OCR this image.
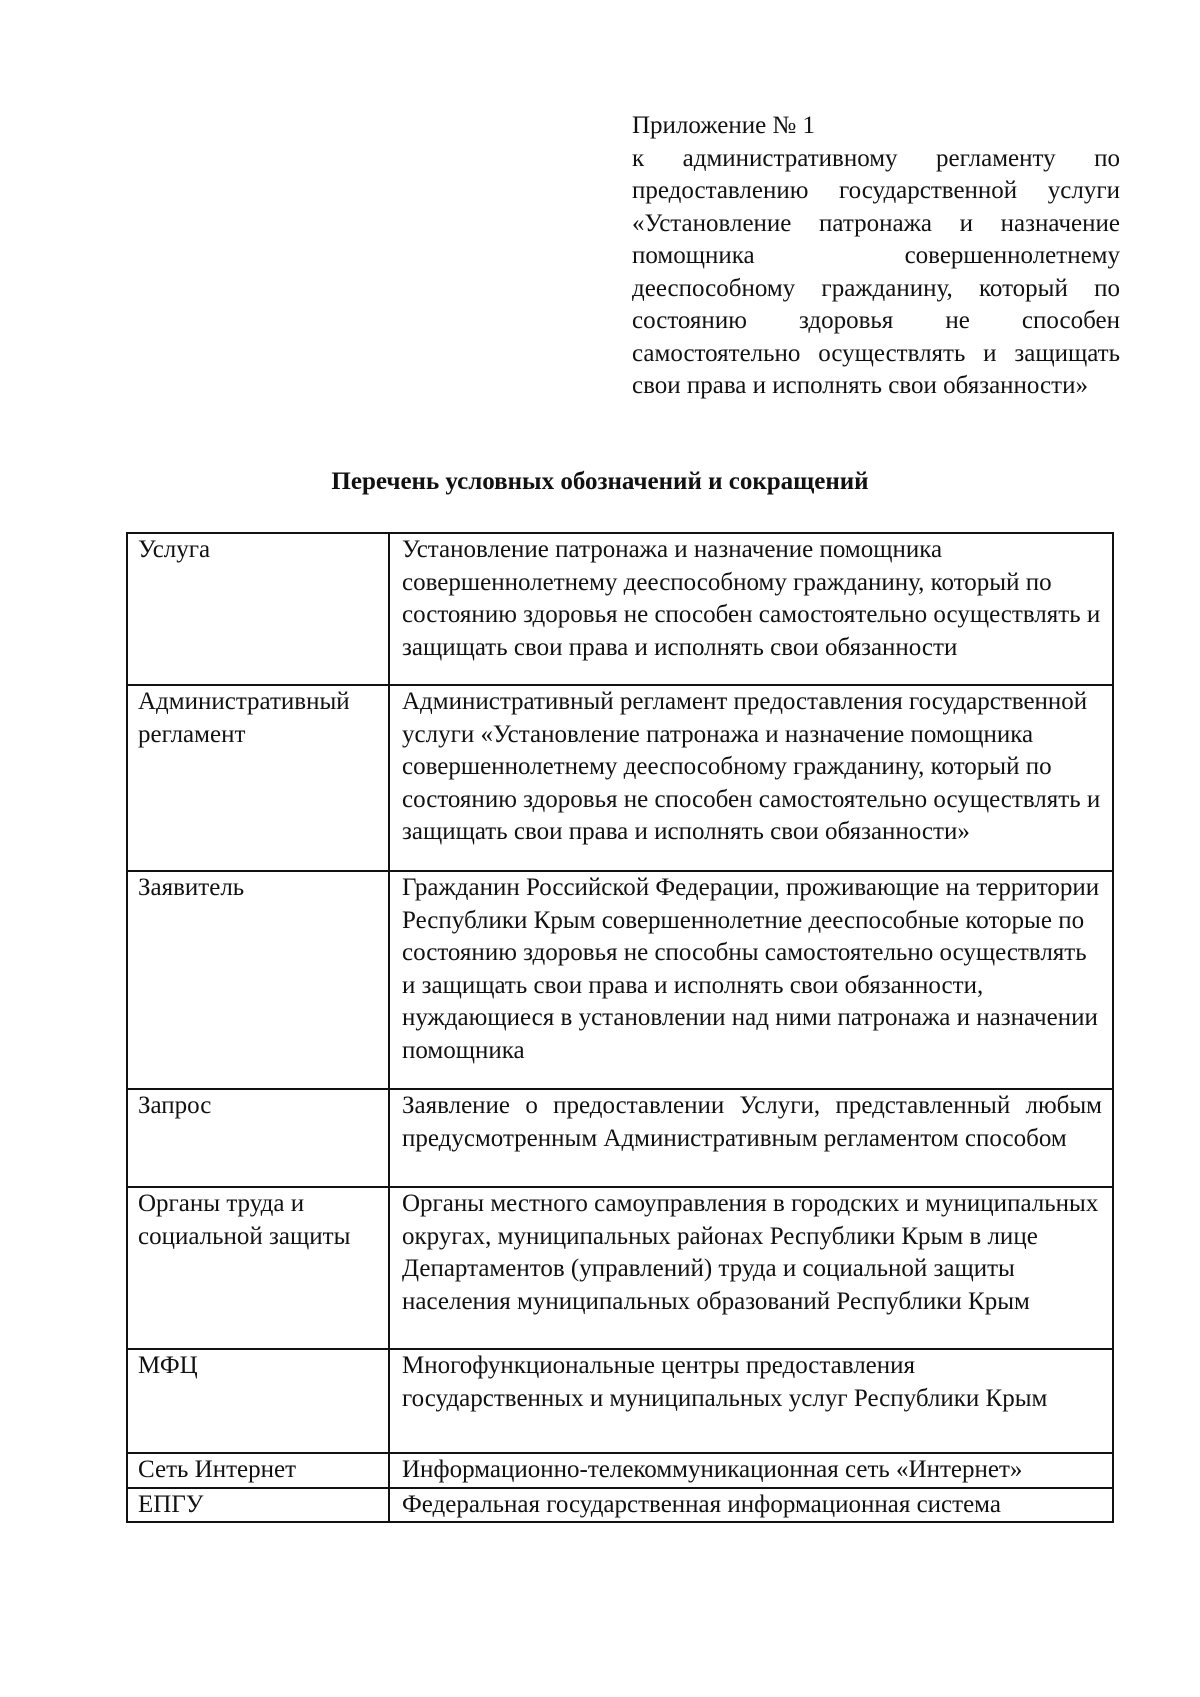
Приложение № 1
к административному регламенту по предоставлению государственной услуги «Установление патронажа и назначение помощника совершеннолетнему дееспособному гражданину, который по состоянию здоровья не способен самостоятельно осуществлять и защищать свои права и исполнять свои обязанности»
Перечень условных обозначений и сокращений
Услуга	Установление патронажа и назначение помощника совершеннолетнему дееспособному гражданину, который по состоянию здоровья не способен самостоятельно осуществлять и защищать свои права и исполнять свои обязанности
Административный регламент	Административный регламент предоставления государственной услуги «Установление патронажа и назначение помощника совершеннолетнему дееспособному гражданину, который по состоянию здоровья не способен самостоятельно осуществлять и защищать свои права и исполнять свои обязанности»
Заявитель	Гражданин Российской Федерации, проживающие на территории Республики Крым совершеннолетние дееспособные которые по состоянию здоровья не способны самостоятельно осуществлять и защищать свои права и исполнять свои обязанности, нуждающиеся в установлении над ними патронажа и назначении помощника
Запрос	Заявление о предоставлении Услуги, представленный любым предусмотренным Административным регламентом способом
Органы труда и социальной защиты	Органы местного самоуправления в городских и муниципальных округах, муниципальных районах Республики Крым в лице Департаментов (управлений) труда и социальной защиты населения муниципальных образований Республики Крым
МФЦ	Многофункциональные центры предоставления государственных и муниципальных услуг Республики Крым
Сеть Интернет	Информационно-телекоммуникационная сеть «Интернет»
ЕПГУ	Федеральная государственная информационная система
